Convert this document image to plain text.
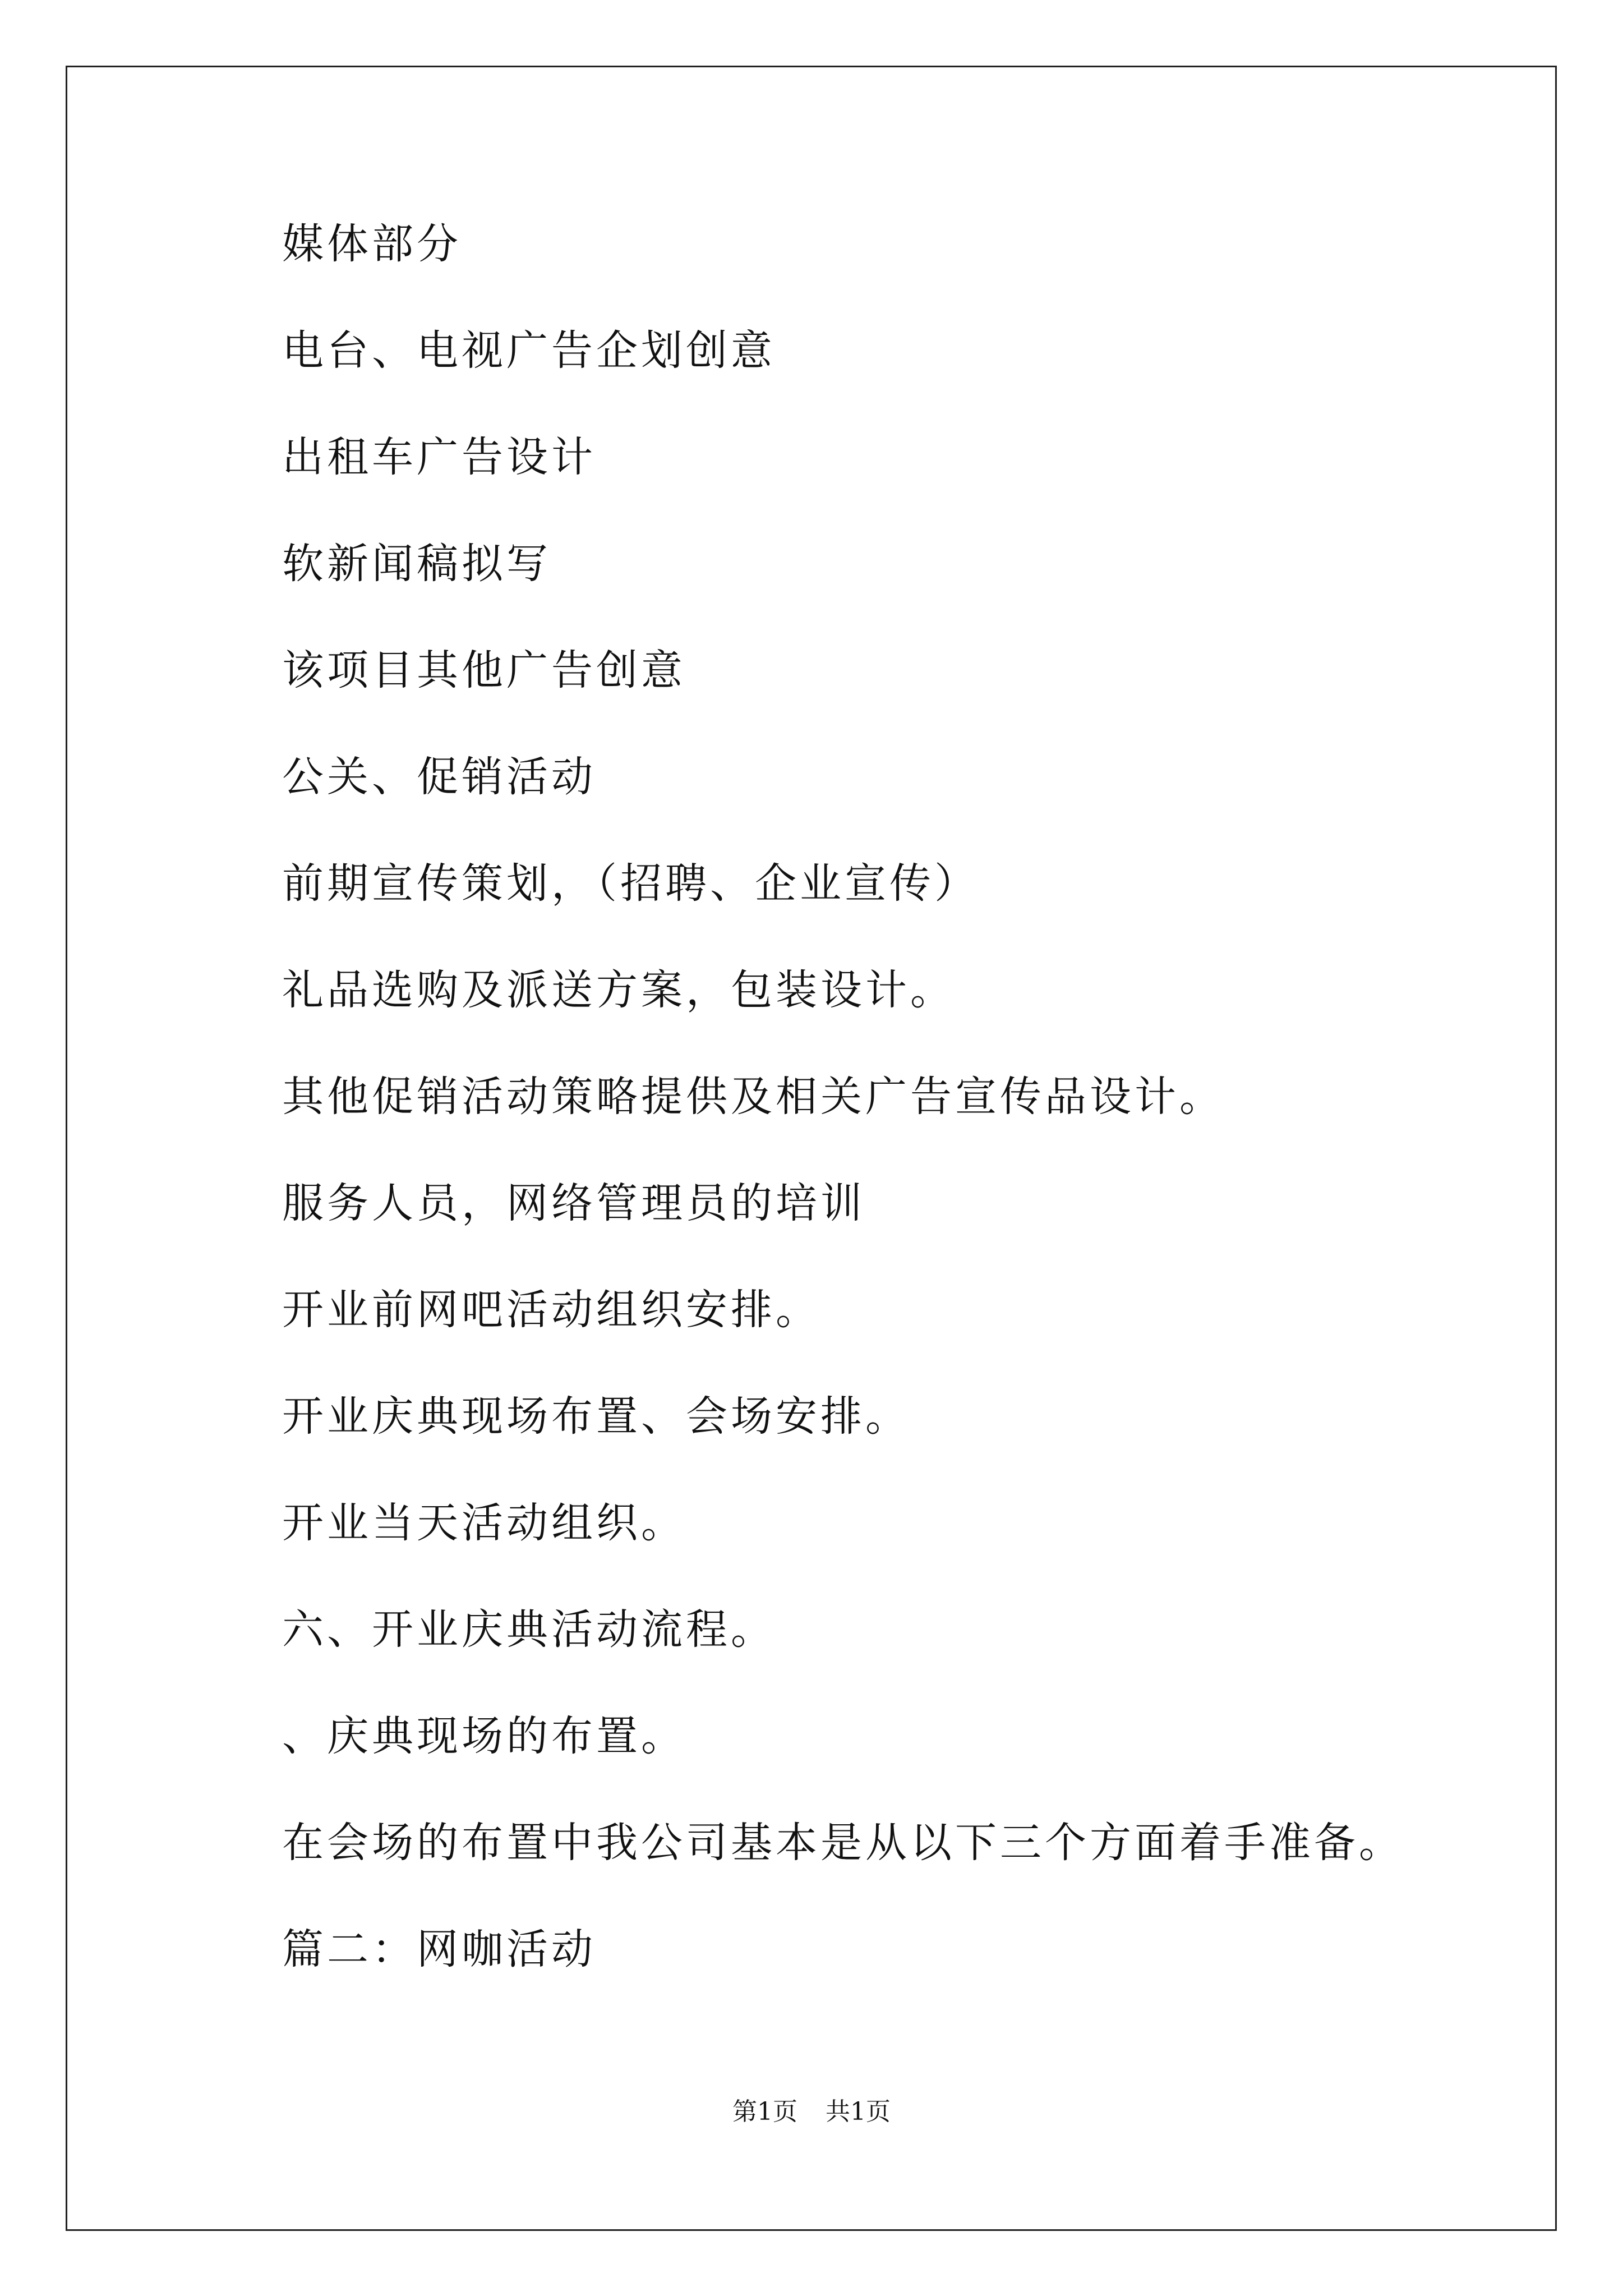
媒体部分
电台、电视广告企划创意
出租车广告设计
软新闻稿拟写
该项目其他广告创意
公关、促销活动
前期宣传策划，（招聘、企业宣传）
礼品选购及派送方案，包装设计。
其他促销活动策略提供及相关广告宣传品设计。
服务人员，网络管理员的培训
开业前网吧活动组织安排。
开业庆典现场布置、会场安排。
开业当天活动组织。
六、开业庆典活动流程。
、庆典现场的布置。
在会场的布置中我公司基本是从以下三个方面着手准备。
篇二：网咖活动
第1页 共1页
